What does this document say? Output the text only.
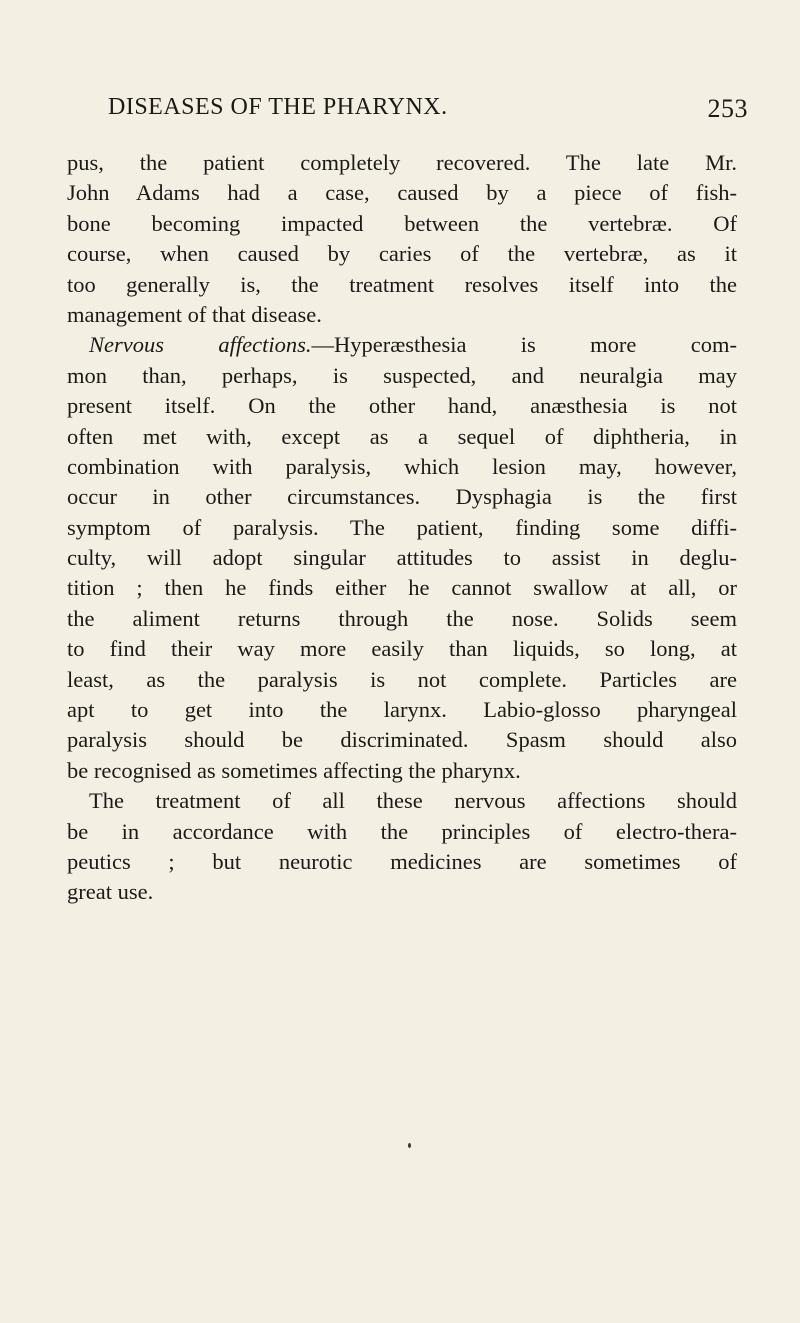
DISEASES OF THE PHARYNX.	253
pus, the patient completely recovered. The late Mr.
John Adams had a case, caused by a piece of fish-
bone becoming impacted between the vertebræ. Of
course, when caused by caries of the vertebræ, as it
too generally is, the treatment resolves itself into the
management of that disease.
Nervous affections.—Hyperæsthesia is more com-
mon than, perhaps, is suspected, and neuralgia may
present itself. On the other hand, anæsthesia is not
often met with, except as a sequel of diphtheria, in
combination with paralysis, which lesion may, however,
occur in other circumstances. Dysphagia is the first
symptom of paralysis. The patient, finding some diffi-
culty, will adopt singular attitudes to assist in deglu-
tition ; then he finds either he cannot swallow at all, or
the aliment returns through the nose. Solids seem
to find their way more easily than liquids, so long, at
least, as the paralysis is not complete. Particles are
apt to get into the larynx. Labio-glosso pharyngeal
paralysis should be discriminated. Spasm should also
be recognised as sometimes affecting the pharynx.
The treatment of all these nervous affections should
be in accordance with the principles of electro-thera-
peutics ; but neurotic medicines are sometimes of
great use.
